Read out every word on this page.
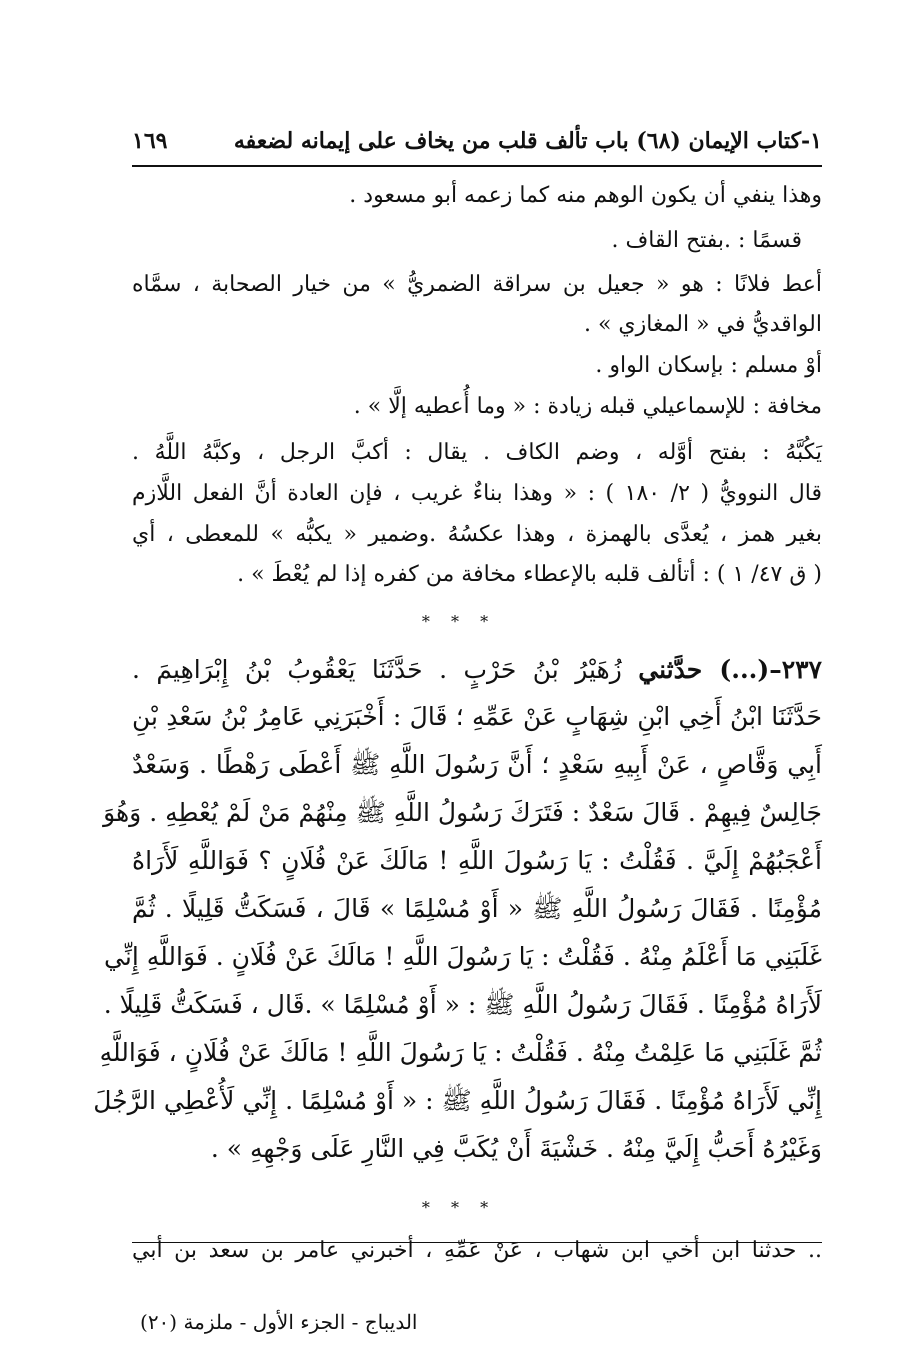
١-كتاب الإيمان (٦٨) باب تألف قلب من يخاف على إيمانه لضعفه
١٦٩
وهذا ينفي أن يكون الوهم منه كما زعمه أبو مسعود .
قسمًا : .بفتح القاف .
أعط فلانًا : هو « جعيل بن سراقة الضمريُّ » من خيار الصحابة ، سمَّاه
الواقديُّ في « المغازي » .
أوْ مسلم : بإسكان الواو .
مخافة : للإسماعيلي قبله زيادة : « وما أُعطيه إلَّا » .
يَكُبَّهُ : بفتح أوَّله ، وضم الكاف . يقال : أكبَّ الرجل ، وكبَّهُ اللَّهُ .
قال النوويُّ ( ٢/ ١٨٠ ) : « وهذا بناءٌ غريب ، فإن العادة أنَّ الفعل اللَّازم
بغير همز ، يُعدَّى بالهمزة ، وهذا عكسُهُ .وضمير « يكبُّه » للمعطى ، أي
( ق ٤٧/ ١ ) : أتألف قلبه بالإعطاء مخافة من كفره إذا لم يُعْطَ » .
* * *
٢٣٧–(...) حدَّثني زُهَيْرُ بْنُ حَرْبٍ . حَدَّثَنَا يَعْقُوبُ بْنُ إِبْرَاهِيمَ .
حَدَّثَنَا ابْنُ أَخِي ابْنِ شِهَابٍ عَنْ عَمِّهِ ؛ قَالَ : أَخْبَرَنِي عَامِرُ بْنُ سَعْدِ بْنِ
أَبِي وَقَّاصٍ ، عَنْ أَبِيهِ سَعْدٍ ؛ أَنَّ رَسُولَ اللَّهِ ﷺ أَعْطَى رَهْطًا . وَسَعْدٌ
جَالِسٌ فِيهِمْ . قَالَ سَعْدٌ : فَتَرَكَ رَسُولُ اللَّهِ ﷺ مِنْهُمْ مَنْ لَمْ يُعْطِهِ . وَهُوَ
أَعْجَبُهُمْ إِلَيَّ . فَقُلْتُ : يَا رَسُولَ اللَّهِ ! مَالَكَ عَنْ فُلَانٍ ؟ فَوَاللَّهِ لَأَرَاهُ
مُؤْمِنًا . فَقَالَ رَسُولُ اللَّهِ ﷺ « أَوْ مُسْلِمًا » قَالَ ، فَسَكَتُّ قَلِيلًا . ثُمَّ
غَلَبَنِي مَا أَعْلَمُ مِنْهُ . فَقُلْتُ : يَا رَسُولَ اللَّهِ ! مَالَكَ عَنْ فُلَانٍ . فَوَاللَّهِ إِنِّي
لَأَرَاهُ مُؤْمِنًا . فَقَالَ رَسُولُ اللَّهِ ﷺ : « أَوْ مُسْلِمًا » .قَال ، فَسَكَتُّ قَلِيلًا .
ثُمَّ غَلَبَنِي مَا عَلِمْتُ مِنْهُ . فَقُلْتُ : يَا رَسُولَ اللَّهِ ! مَالَكَ عَنْ فُلَانٍ ، فَوَاللَّهِ
إِنِّي لَأَرَاهُ مُؤْمِنًا . فَقَالَ رَسُولُ اللَّهِ ﷺ : « أَوْ مُسْلِمًا . إِنِّي لَأُعْطِي الرَّجُلَ
وَغَيْرُهُ أَحَبُّ إِلَيَّ مِنْهُ . خَشْيَةَ أَنْ يُكَبَّ فِي النَّارِ عَلَى وَجْهِهِ » .
* * *
.. حدثنا ابن أخي ابن شهاب ، عَنْ عَمِّهِ ، أخبرني عامر بن سعد بن أبي
الديباج - الجزء الأول - ملزمة (٢٠)
